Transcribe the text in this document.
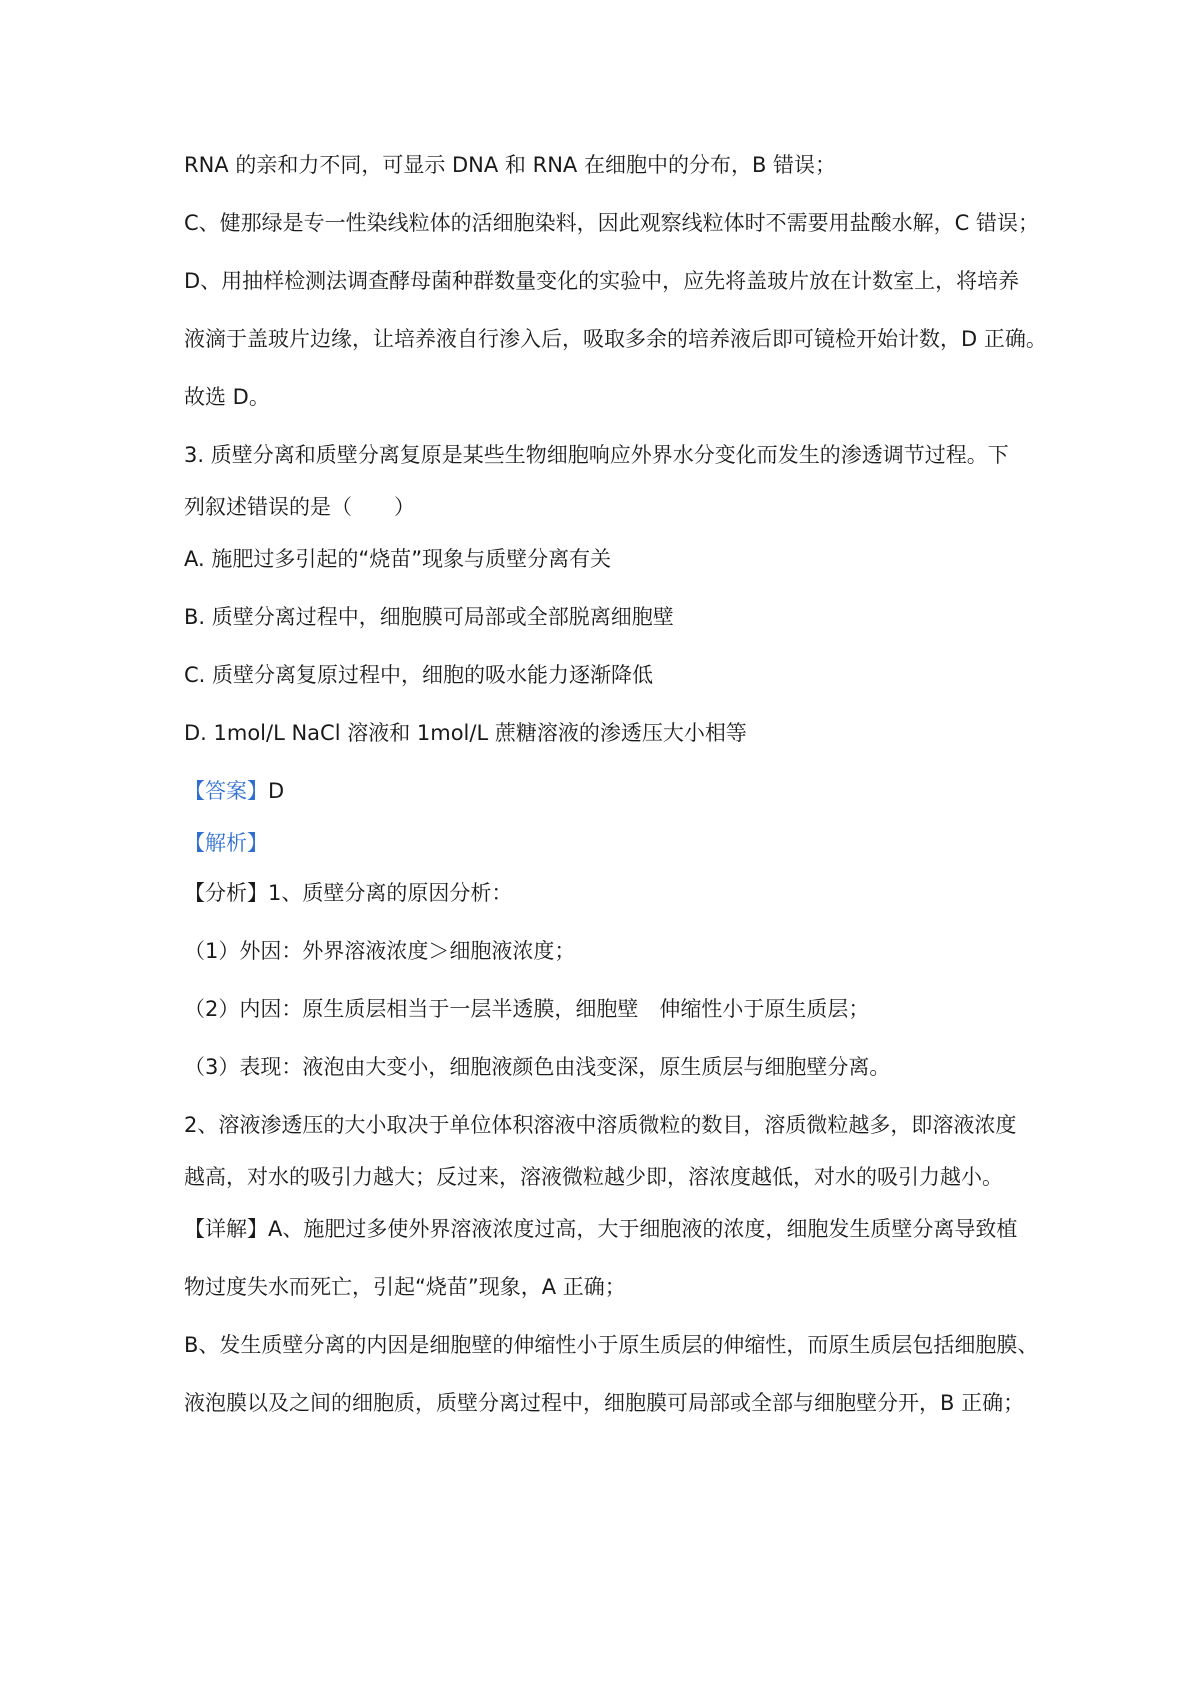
RNA 的亲和力不同，可显示 DNA 和 RNA 在细胞中的分布，B 错误；
C、健那绿是专一性染线粒体的活细胞染料，因此观察线粒体时不需要用盐酸水解，C 错误；
D、用抽样检测法调查酵母菌种群数量变化的实验中，应先将盖玻片放在计数室上，将培养
液滴于盖玻片边缘，让培养液自行渗入后，吸取多余的培养液后即可镜检开始计数，D 正确。
故选 D。
3. 质壁分离和质壁分离复原是某些生物细胞响应外界水分变化而发生的渗透调节过程。下
列叙述错误的是（　　）
A. 施肥过多引起的“烧苗”现象与质壁分离有关
B. 质壁分离过程中，细胞膜可局部或全部脱离细胞壁
C. 质壁分离复原过程中，细胞的吸水能力逐渐降低
D. 1mol/L NaCl 溶液和 1mol/L 蔗糖溶液的渗透压大小相等
【答案】D
【解析】
【分析】1、质壁分离的原因分析：
（1）外因：外界溶液浓度＞细胞液浓度；
（2）内因：原生质层相当于一层半透膜，细胞壁　伸缩性小于原生质层；
（3）表现：液泡由大变小，细胞液颜色由浅变深，原生质层与细胞壁分离。
2、溶液渗透压的大小取决于单位体积溶液中溶质微粒的数目，溶质微粒越多，即溶液浓度
越高，对水的吸引力越大；反过来，溶液微粒越少即，溶浓度越低，对水的吸引力越小。
【详解】A、施肥过多使外界溶液浓度过高，大于细胞液的浓度，细胞发生质壁分离导致植
物过度失水而死亡，引起“烧苗”现象，A 正确；
B、发生质壁分离的内因是细胞壁的伸缩性小于原生质层的伸缩性，而原生质层包括细胞膜、
液泡膜以及之间的细胞质，质壁分离过程中，细胞膜可局部或全部与细胞壁分开，B 正确；
